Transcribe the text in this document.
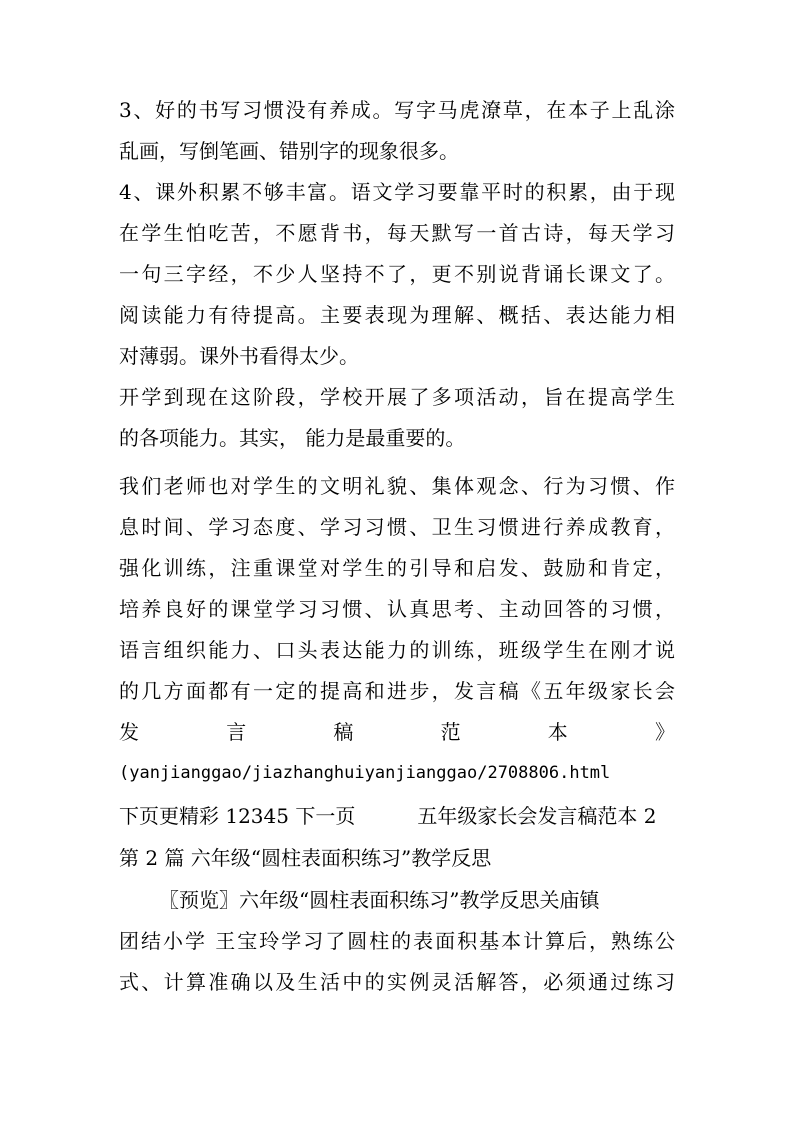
3、好的书写习惯没有养成。写字马虎潦草，在本子上乱涂
乱画，写倒笔画、错别字的现象很多。
4、课外积累不够丰富。语文学习要靠平时的积累，由于现
在学生怕吃苦，不愿背书，每天默写一首古诗，每天学习
一句三字经，不少人坚持不了，更不别说背诵长课文了。
阅读能力有待提高。主要表现为理解、概括、表达能力相
对薄弱。课外书看得太少。
开学到现在这阶段，学校开展了多项活动，旨在提高学生
的各项能力。其实， 能力是最重要的。
我们老师也对学生的文明礼貌、集体观念、行为习惯、作
息时间、学习态度、学习习惯、卫生习惯进行养成教育，
强化训练，注重课堂对学生的引导和启发、鼓励和肯定，
培养良好的课堂学习习惯、认真思考、主动回答的习惯，
语言组织能力、口头表达能力的训练，班级学生在刚才说
的几方面都有一定的提高和进步，发言稿《五年级家长会
发 言 稿 范 本 》
(yanjianggao/jiazhanghuiyanjianggao/2708806.html
下页更精彩 12345 下一页	五年级家长会发言稿范本 2
第 2 篇 六年级“圆柱表面积练习”教学反思
〖预览〗六年级“圆柱表面积练习”教学反思关庙镇
团结小学 王宝玲学习了圆柱的表面积基本计算后，熟练公
式、计算准确以及生活中的实例灵活解答，必须通过练习
